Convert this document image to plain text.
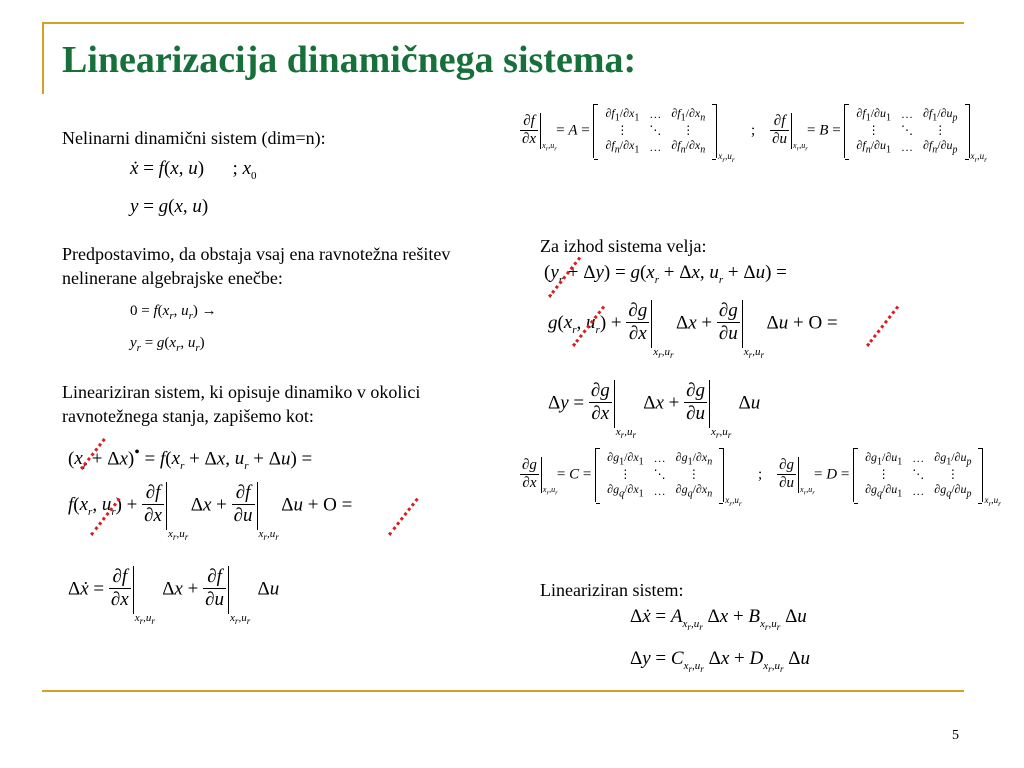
Linearizacija dinamičnega sistema:
Nelinarni dinamični sistem (dim=n):
ẋ = f(x, u)      ; $x_0$
y = g(x, u)
Predpostavimo, da obstaja vsaj ena ravnotežna rešitev nelinerane algebrajske enečbe:
$0 = f(x_r$, $u_r$) →
$y_r = g(x_r$, $u_r$)
Lineariziran sistem, ki opisuje dinamiko v okolici ravnotežnega stanja, zapišemo kot:
$(x_r + \Delta x)^• = f(x_r + \Delta x$, $u_r + \Delta u$) =
$f(x_r$, $u_r) + \frac{\partial f}{\partial x}$
$x_r,u_r$
$\Delta x + \frac{\partial f}{\partial u}$
$x_r,u_r$
Δu + O =
Δẋ = $\frac{\partial f}{\partial x}$
$x_r,u_r$
$\Delta x + \frac{\partial f}{\partial u}$
$x_r,u_r$
Δu
$\frac{\partial f}{\partial x} x_r,u_r$
= A =
$\partial f_1/\partial x_1$	…	$\partial f_1/\partial x_n$
⋮	⋱	⋮
$\partial f_n/\partial x_1$	…	$\partial f_n/\partial x_n$
$x_r,u_r$
; $\frac{\partial f}{\partial u} x_r,u_r$
= B =
$\partial f_1/\partial u_1$	…	$\partial f_1/\partial u_p$
⋮	⋱	⋮
$\partial f_n/\partial u_1$	…	$\partial f_n/\partial u_p$
$x_r,u_r$
Za izhod sistema velja:
$(y_r + \Delta y) = g(x_r + \Delta x$, $u_r + \Delta u$) =
$g(x_r$, $u_r) + \frac{\partial g}{\partial x}$
$x_r,u_r$
$\Delta x + \frac{\partial g}{\partial u}$
$x_r,u_r$
Δu + O =
$\Delta y = \frac{\partial g}{\partial x}$
$x_r,u_r$
$\Delta x + \frac{\partial g}{\partial u}$
$x_r,u_r$
Δu
$\frac{\partial g}{\partial x} x_r,u_r$
= C =
$\partial g_1/\partial x_1$	…	$\partial g_1/\partial x_n$
⋮	⋱	⋮
$\partial g_q/\partial x_1$	…	$\partial g_q/\partial x_n$
$x_r,u_r$
; $\frac{\partial g}{\partial u} x_r,u_r$
= D =
$\partial g_1/\partial u_1$	…	$\partial g_1/\partial u_p$
⋮	⋱	⋮
$\partial g_q/\partial u_1$	…	$\partial g_q/\partial u_p$
$x_r,u_r$
Lineariziran sistem:
Δẋ = $A_{x_r,u_r}$ $\Delta x + B_{x_r,u_r}$ Δu
$\Delta y = C_{x_r,u_r}$ $\Delta x + D_{x_r,u_r}$ Δu
5
